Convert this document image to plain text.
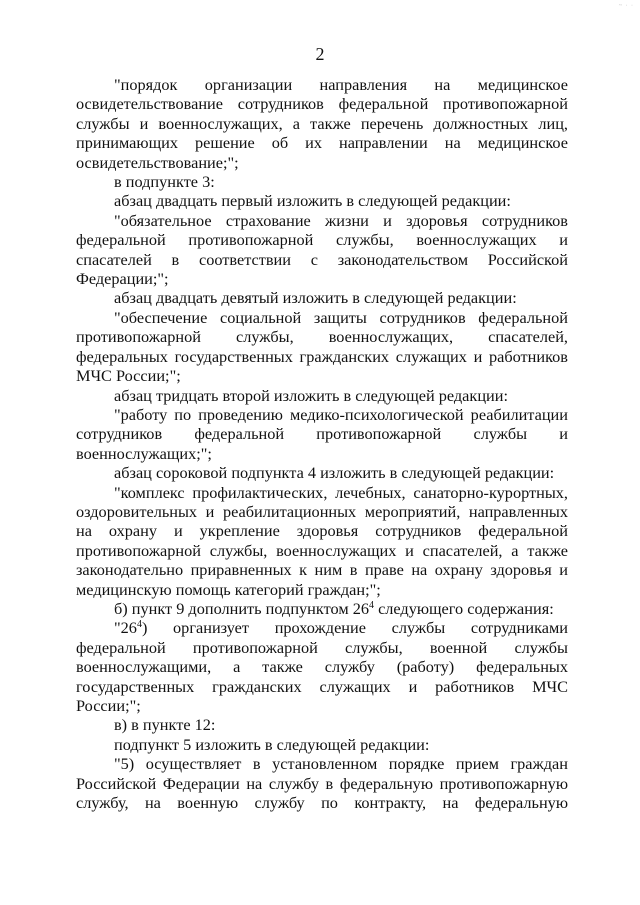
~ · ·
2

"порядок организации направления на медицинское
освидетельствование сотрудников федеральной противопожарной
службы и военнослужащих, а также перечень должностных лиц,
принимающих решение об их направлении на медицинское
освидетельствование;";

в подпункте 3:

абзац двадцать первый изложить в следующей редакции:

"обязательное страхование жизни и здоровья сотрудников
федеральной противопожарной службы, военнослужащих и
спасателей в соответствии с законодательством Российской
Федерации;";

абзац двадцать девятый изложить в следующей редакции:

"обеспечение социальной защиты сотрудников федеральной
противопожарной службы, военнослужащих, спасателей,
федеральных государственных гражданских служащих и работников
МЧС России;";

абзац тридцать второй изложить в следующей редакции:

"работу по проведению медико-психологической реабилитации
сотрудников федеральной противопожарной службы и
военнослужащих;";

абзац сороковой подпункта 4 изложить в следующей редакции:

"комплекс профилактических, лечебных, санаторно-курортных,
оздоровительных и реабилитационных мероприятий, направленных
на охрану и укрепление здоровья сотрудников федеральной
противопожарной службы, военнослужащих и спасателей, а также
законодательно приравненных к ним в праве на охрану здоровья и
медицинскую помощь категорий граждан;";

б) пункт 9 дополнить подпунктом $26^4$ следующего содержания:

"$26^4$) организует прохождение службы сотрудниками
федеральной противопожарной службы, военной службы
военнослужащими, а также службу (работу) федеральных
государственных гражданских служащих и работников МЧС
России;";

в) в пункте 12:

подпункт 5 изложить в следующей редакции:

"5) осуществляет в установленном порядке прием граждан
Российской Федерации на службу в федеральную противопожарную
службу, на военную службу по контракту, на федеральную
